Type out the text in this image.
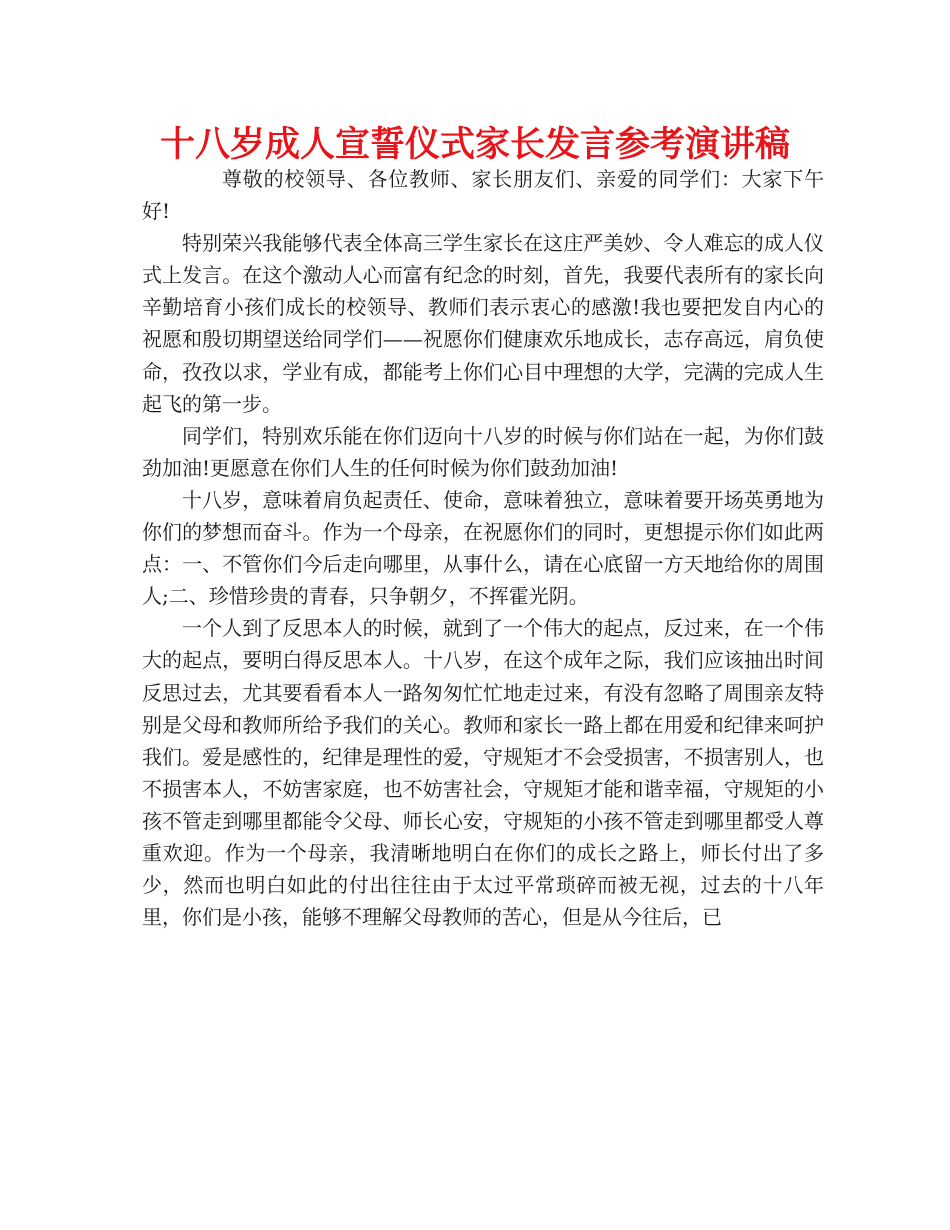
十八岁成人宣誓仪式家长发言参考演讲稿

尊敬的校领导、各位教师、家长朋友们、亲爱的同学们：大家下午好!

特别荣兴我能够代表全体高三学生家长在这庄严美妙、令人难忘的成人仪式上发言。在这个激动人心而富有纪念的时刻，首先，我要代表所有的家长向辛勤培育小孩们成长的校领导、教师们表示衷心的感激!我也要把发自内心的祝愿和殷切期望送给同学们——祝愿你们健康欢乐地成长，志存高远，肩负使命，孜孜以求，学业有成，都能考上你们心目中理想的大学，完满的完成人生起飞的第一步。

同学们，特别欢乐能在你们迈向十八岁的时候与你们站在一起，为你们鼓劲加油!更愿意在你们人生的任何时候为你们鼓劲加油!

十八岁，意味着肩负起责任、使命，意味着独立，意味着要开场英勇地为你们的梦想而奋斗。作为一个母亲，在祝愿你们的同时，更想提示你们如此两点：一、不管你们今后走向哪里，从事什么，请在心底留一方天地给你的周围人;二、珍惜珍贵的青春，只争朝夕，不挥霍光阴。

一个人到了反思本人的时候，就到了一个伟大的起点，反过来，在一个伟大的起点，要明白得反思本人。十八岁，在这个成年之际，我们应该抽出时间反思过去，尤其要看看本人一路匆匆忙忙地走过来，有没有忽略了周围亲友特别是父母和教师所给予我们的关心。教师和家长一路上都在用爱和纪律来呵护我们。爱是感性的，纪律是理性的爱，守规矩才不会受损害，不损害别人，也不损害本人，不妨害家庭，也不妨害社会，守规矩才能和谐幸福，守规矩的小孩不管走到哪里都能令父母、师长心安，守规矩的小孩不管走到哪里都受人尊重欢迎。作为一个母亲，我清晰地明白在你们的成长之路上，师长付出了多少，然而也明白如此的付出往往由于太过平常琐碎而被无视，过去的十八年里，你们是小孩，能够不理解父母教师的苦心，但是从今往后，已
